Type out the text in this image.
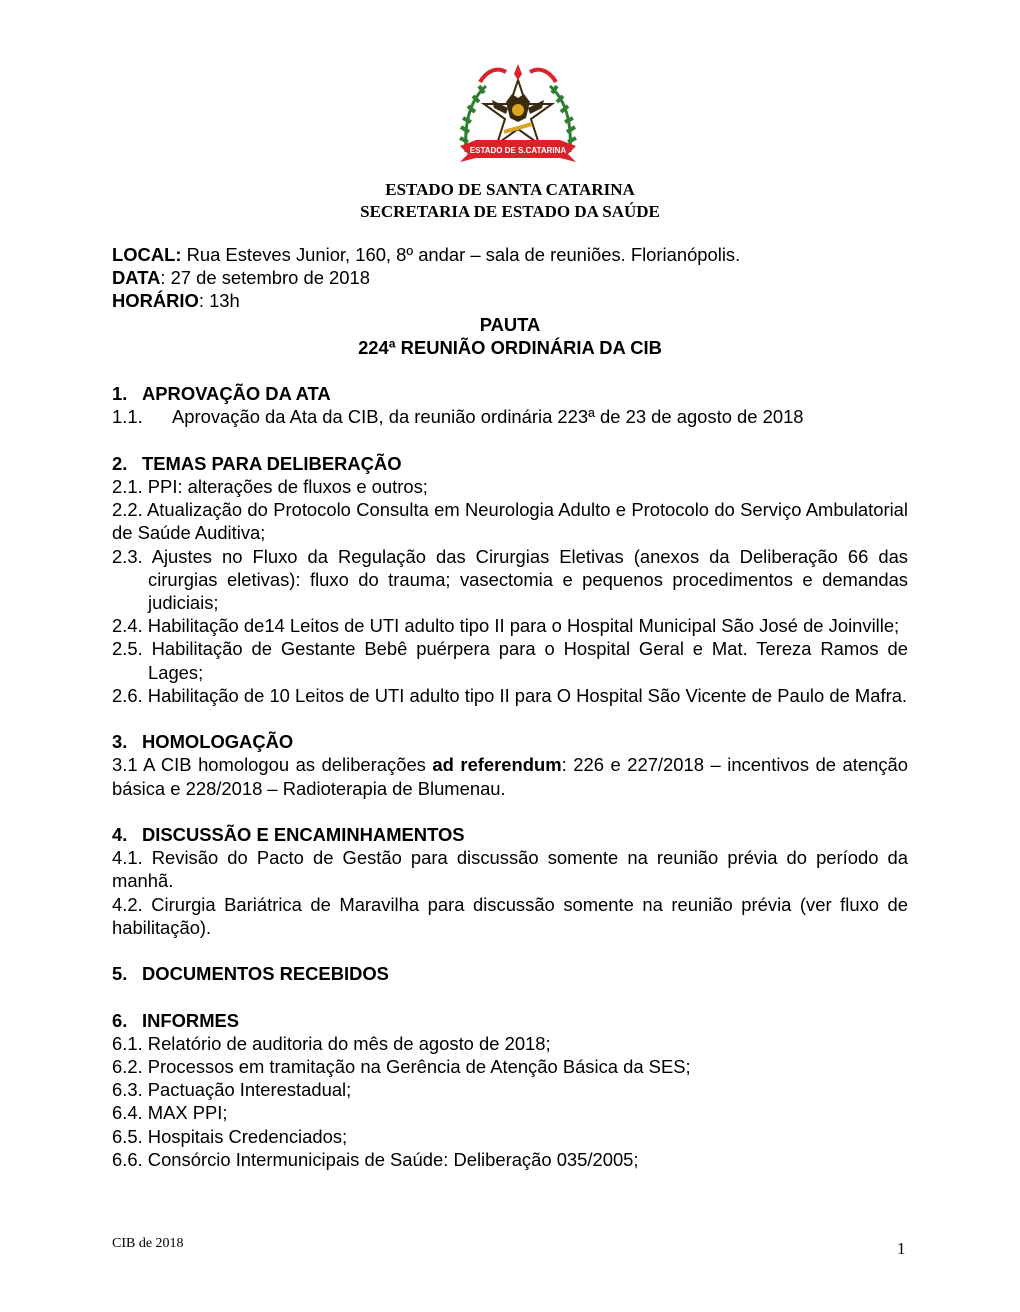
ESTADO DE S.CATARINA
ESTADO DE SANTA CATARINA
SECRETARIA DE ESTADO DA SAÚDE

LOCAL: Rua Esteves Junior, 160, 8º andar – sala de reuniões. Florianópolis.

DATA: 27 de setembro de 2018

HORÁRIO: 13h

PAUTA

224ª REUNIÃO ORDINÁRIA DA CIB

1. APROVAÇÃO DA ATA

1.1. Aprovação da Ata da CIB, da reunião ordinária 223ª de 23 de agosto de 2018

2. TEMAS PARA DELIBERAÇÃO

2.1. PPI: alterações de fluxos e outros;

2.2. Atualização do Protocolo Consulta em Neurologia Adulto e Protocolo do Serviço Ambulatorial de Saúde Auditiva;

2.3. Ajustes no Fluxo da Regulação das Cirurgias Eletivas (anexos da Deliberação 66 das cirurgias eletivas): fluxo do trauma; vasectomia e pequenos procedimentos e demandas judiciais;

2.4. Habilitação de14 Leitos de UTI adulto tipo II para o Hospital Municipal São José de Joinville;

2.5. Habilitação de Gestante Bebê puérpera para o Hospital Geral e Mat. Tereza Ramos de Lages;

2.6. Habilitação de 10 Leitos de UTI adulto tipo II para O Hospital São Vicente de Paulo de Mafra.

3. HOMOLOGAÇÃO

3.1 A CIB homologou as deliberações ad referendum: 226 e 227/2018 – incentivos de atenção básica e 228/2018 – Radioterapia de Blumenau.

4. DISCUSSÃO E ENCAMINHAMENTOS

4.1. Revisão do Pacto de Gestão para discussão somente na reunião prévia do período da manhã.

4.2. Cirurgia Bariátrica de Maravilha para discussão somente na reunião prévia (ver fluxo de habilitação).

5. DOCUMENTOS RECEBIDOS

6. INFORMES

6.1. Relatório de auditoria do mês de agosto de 2018;

6.2. Processos em tramitação na Gerência de Atenção Básica da SES;

6.3. Pactuação Interestadual;

6.4. MAX PPI;

6.5. Hospitais Credenciados;

6.6. Consórcio Intermunicipais de Saúde: Deliberação 035/2005;

CIB de 2018	1
